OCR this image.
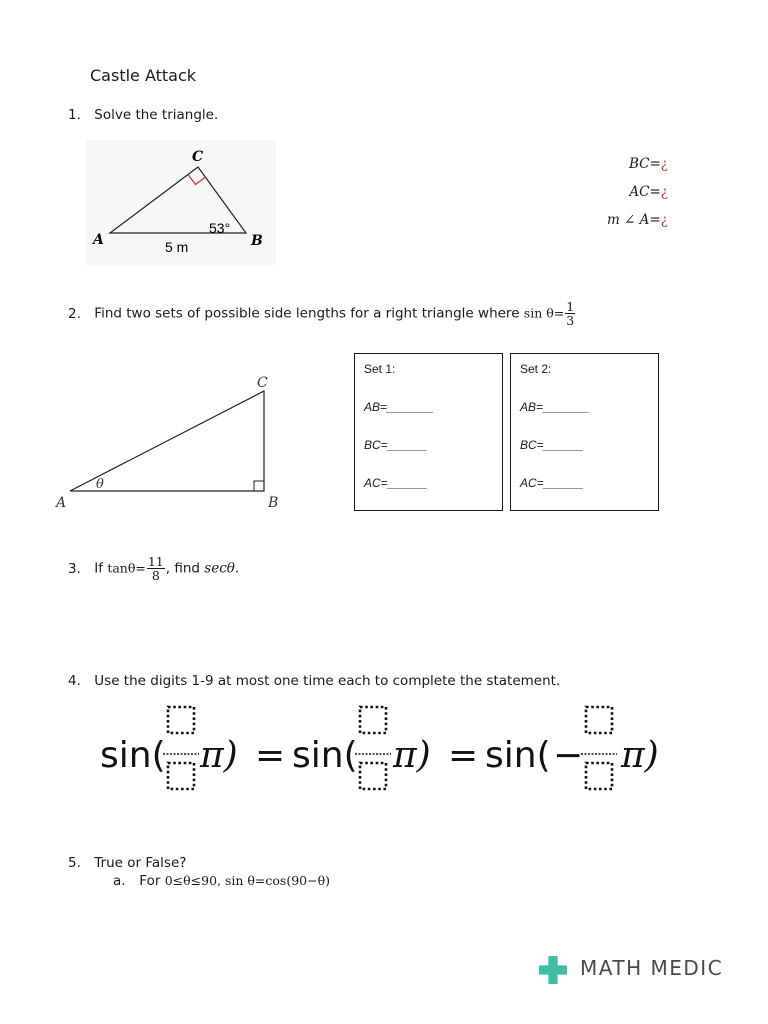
Castle Attack
1. Solve the triangle.
C
A	B
53°
5 m
BC=¿
AC=¿
m ∠ A=¿
2. Find two sets of possible side lengths for a right triangle where $\sin \theta= \frac{1}{3}$
C
A	B
θ
Set 1:
AB=_______
BC=______
AC=______
Set 2:
AB=_______
BC=______
AC=______
3. If $\tan\theta= \frac{11}{8}$ , find secθ.
4. Use the digits 1-9 at most one time each to complete the statement.
sin( π) = sin( π) = sin( − π)
5. True or False?
a. For 0≤θ≤90, sin θ=cos(90−θ)
MATH MEDIC
